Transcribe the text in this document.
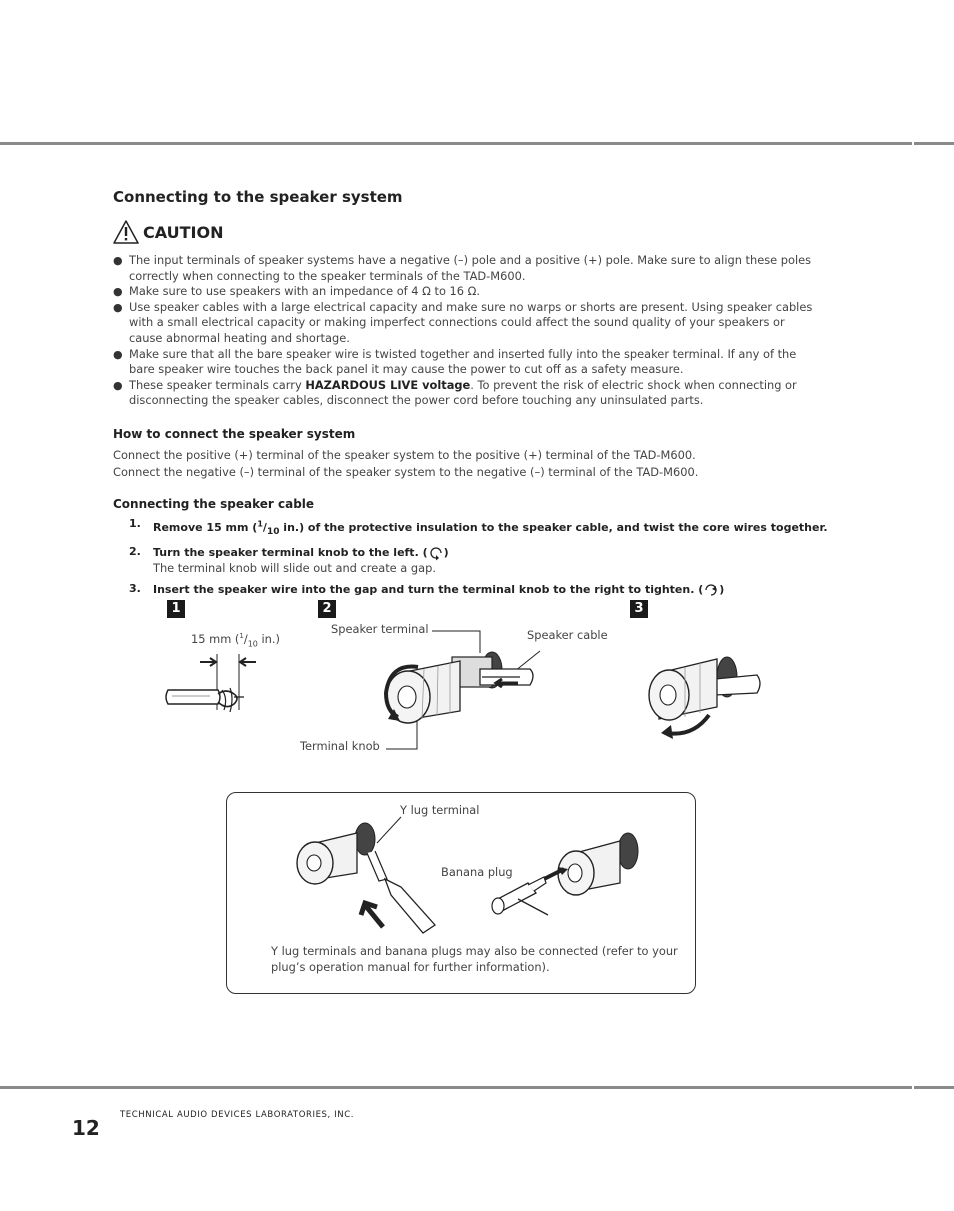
Connecting to the speaker system
CAUTION
● The input terminals of speaker systems have a negative (–) pole and a positive (+) pole. Make sure to align these poles correctly when connecting to the speaker terminals of the TAD-M600.
● Make sure to use speakers with an impedance of 4 Ω to 16 Ω.
● Use speaker cables with a large electrical capacity and make sure no warps or shorts are present. Using speaker cables with a small electrical capacity or making imperfect connections could affect the sound quality of your speakers or cause abnormal heating and shortage.
● Make sure that all the bare speaker wire is twisted together and inserted fully into the speaker terminal. If any of the bare speaker wire touches the back panel it may cause the power to cut off as a safety measure.
● These speaker terminals carry HAZARDOUS LIVE voltage. To prevent the risk of electric shock when connecting or disconnecting the speaker cables, disconnect the power cord before touching any uninsulated parts.
How to connect the speaker system
Connect the positive (+) terminal of the speaker system to the positive (+) terminal of the TAD-M600.
Connect the negative (–) terminal of the speaker system to the negative (–) terminal of the TAD-M600.
Connecting the speaker cable
1. Remove 15 mm ($^1/_{10}$ in.) of the protective insulation to the speaker cable, and twist the core wires together.
2. Turn the speaker terminal knob to the left. ( )
The terminal knob will slide out and create a gap.
3. Insert the speaker wire into the gap and turn the terminal knob to the right to tighten. ( )
1	2	3
15 mm ($^1/_{10}$ in.)
Speaker terminal	Speaker cable
Terminal knob
Y lug terminal
Banana plug
Y lug terminals and banana plugs may also be connected (refer to your plug’s operation manual for further information).
TECHNICAL AUDIO DEVICES LABORATORIES, INC.
12
